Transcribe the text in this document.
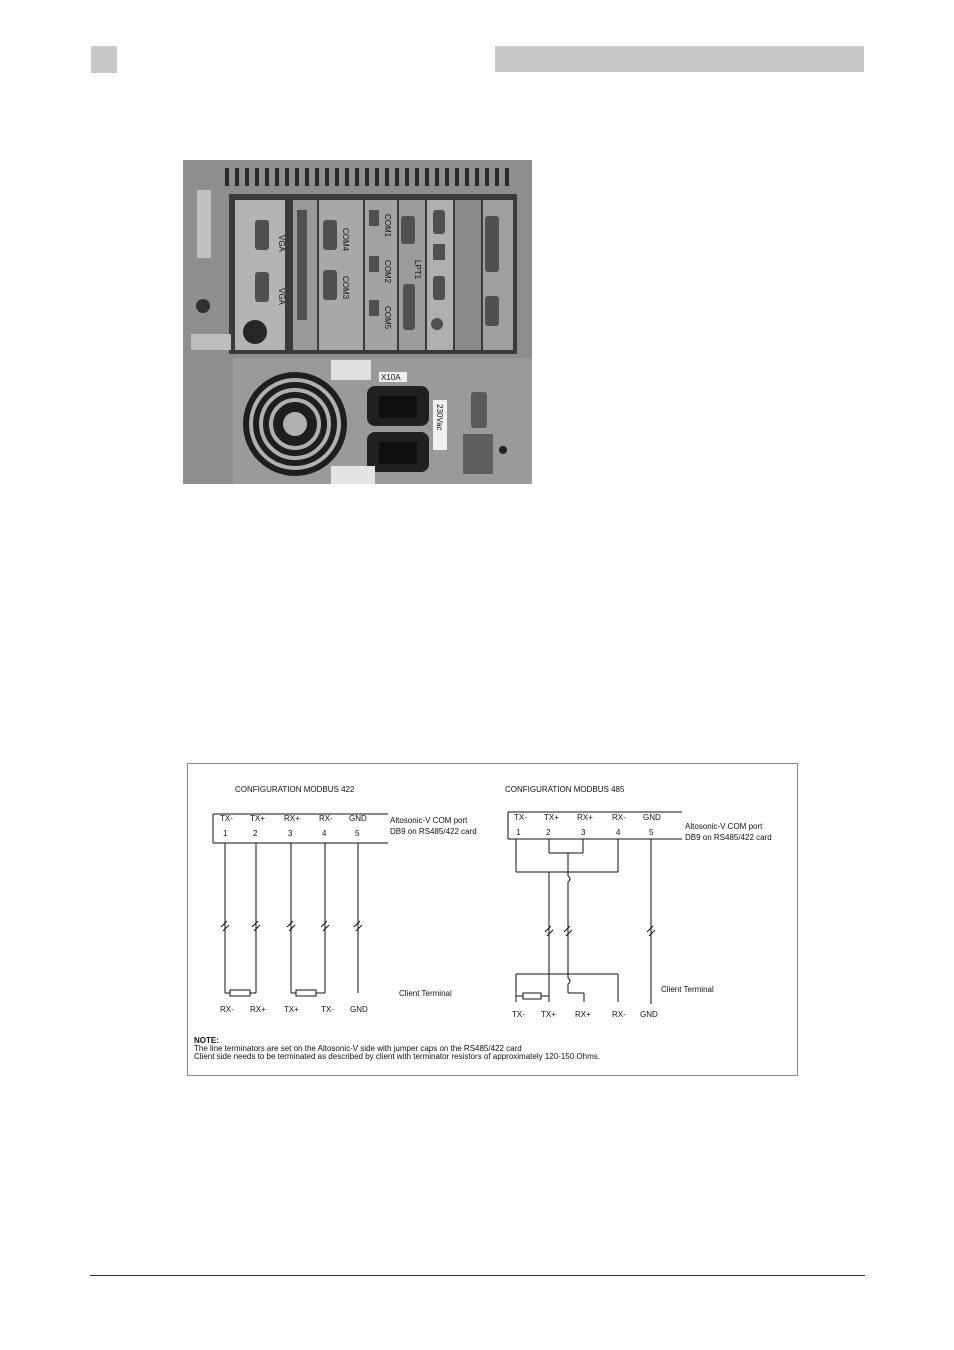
VGA
VGA
COM4
COM3
COM1
COM2
COM5
LPT1
X10A
230Vac
CONFIGURATION MODBUS 422
TX- TX+ RX+ RX- GND
1	2	3	4	5
Altosonic-V COM port
DB9 on RS485/422 card
RX- RX+ TX+	TX- GND
Client Terminal
CONFIGURATION MODBUS 485
TX- TX+ RX+ RX- GND
1	2	3	4	5
Altosonic-V COM port
DB9 on RS485/422 card
TX- TX+ RX+	RX- GND
Client Terminal
NOTE:
The line terminators are set on the Altosonic-V side with jumper caps on the RS485/422 card
Client side needs to be terminated as described by client with terminator resistors of approximately 120-150 Ohms.
